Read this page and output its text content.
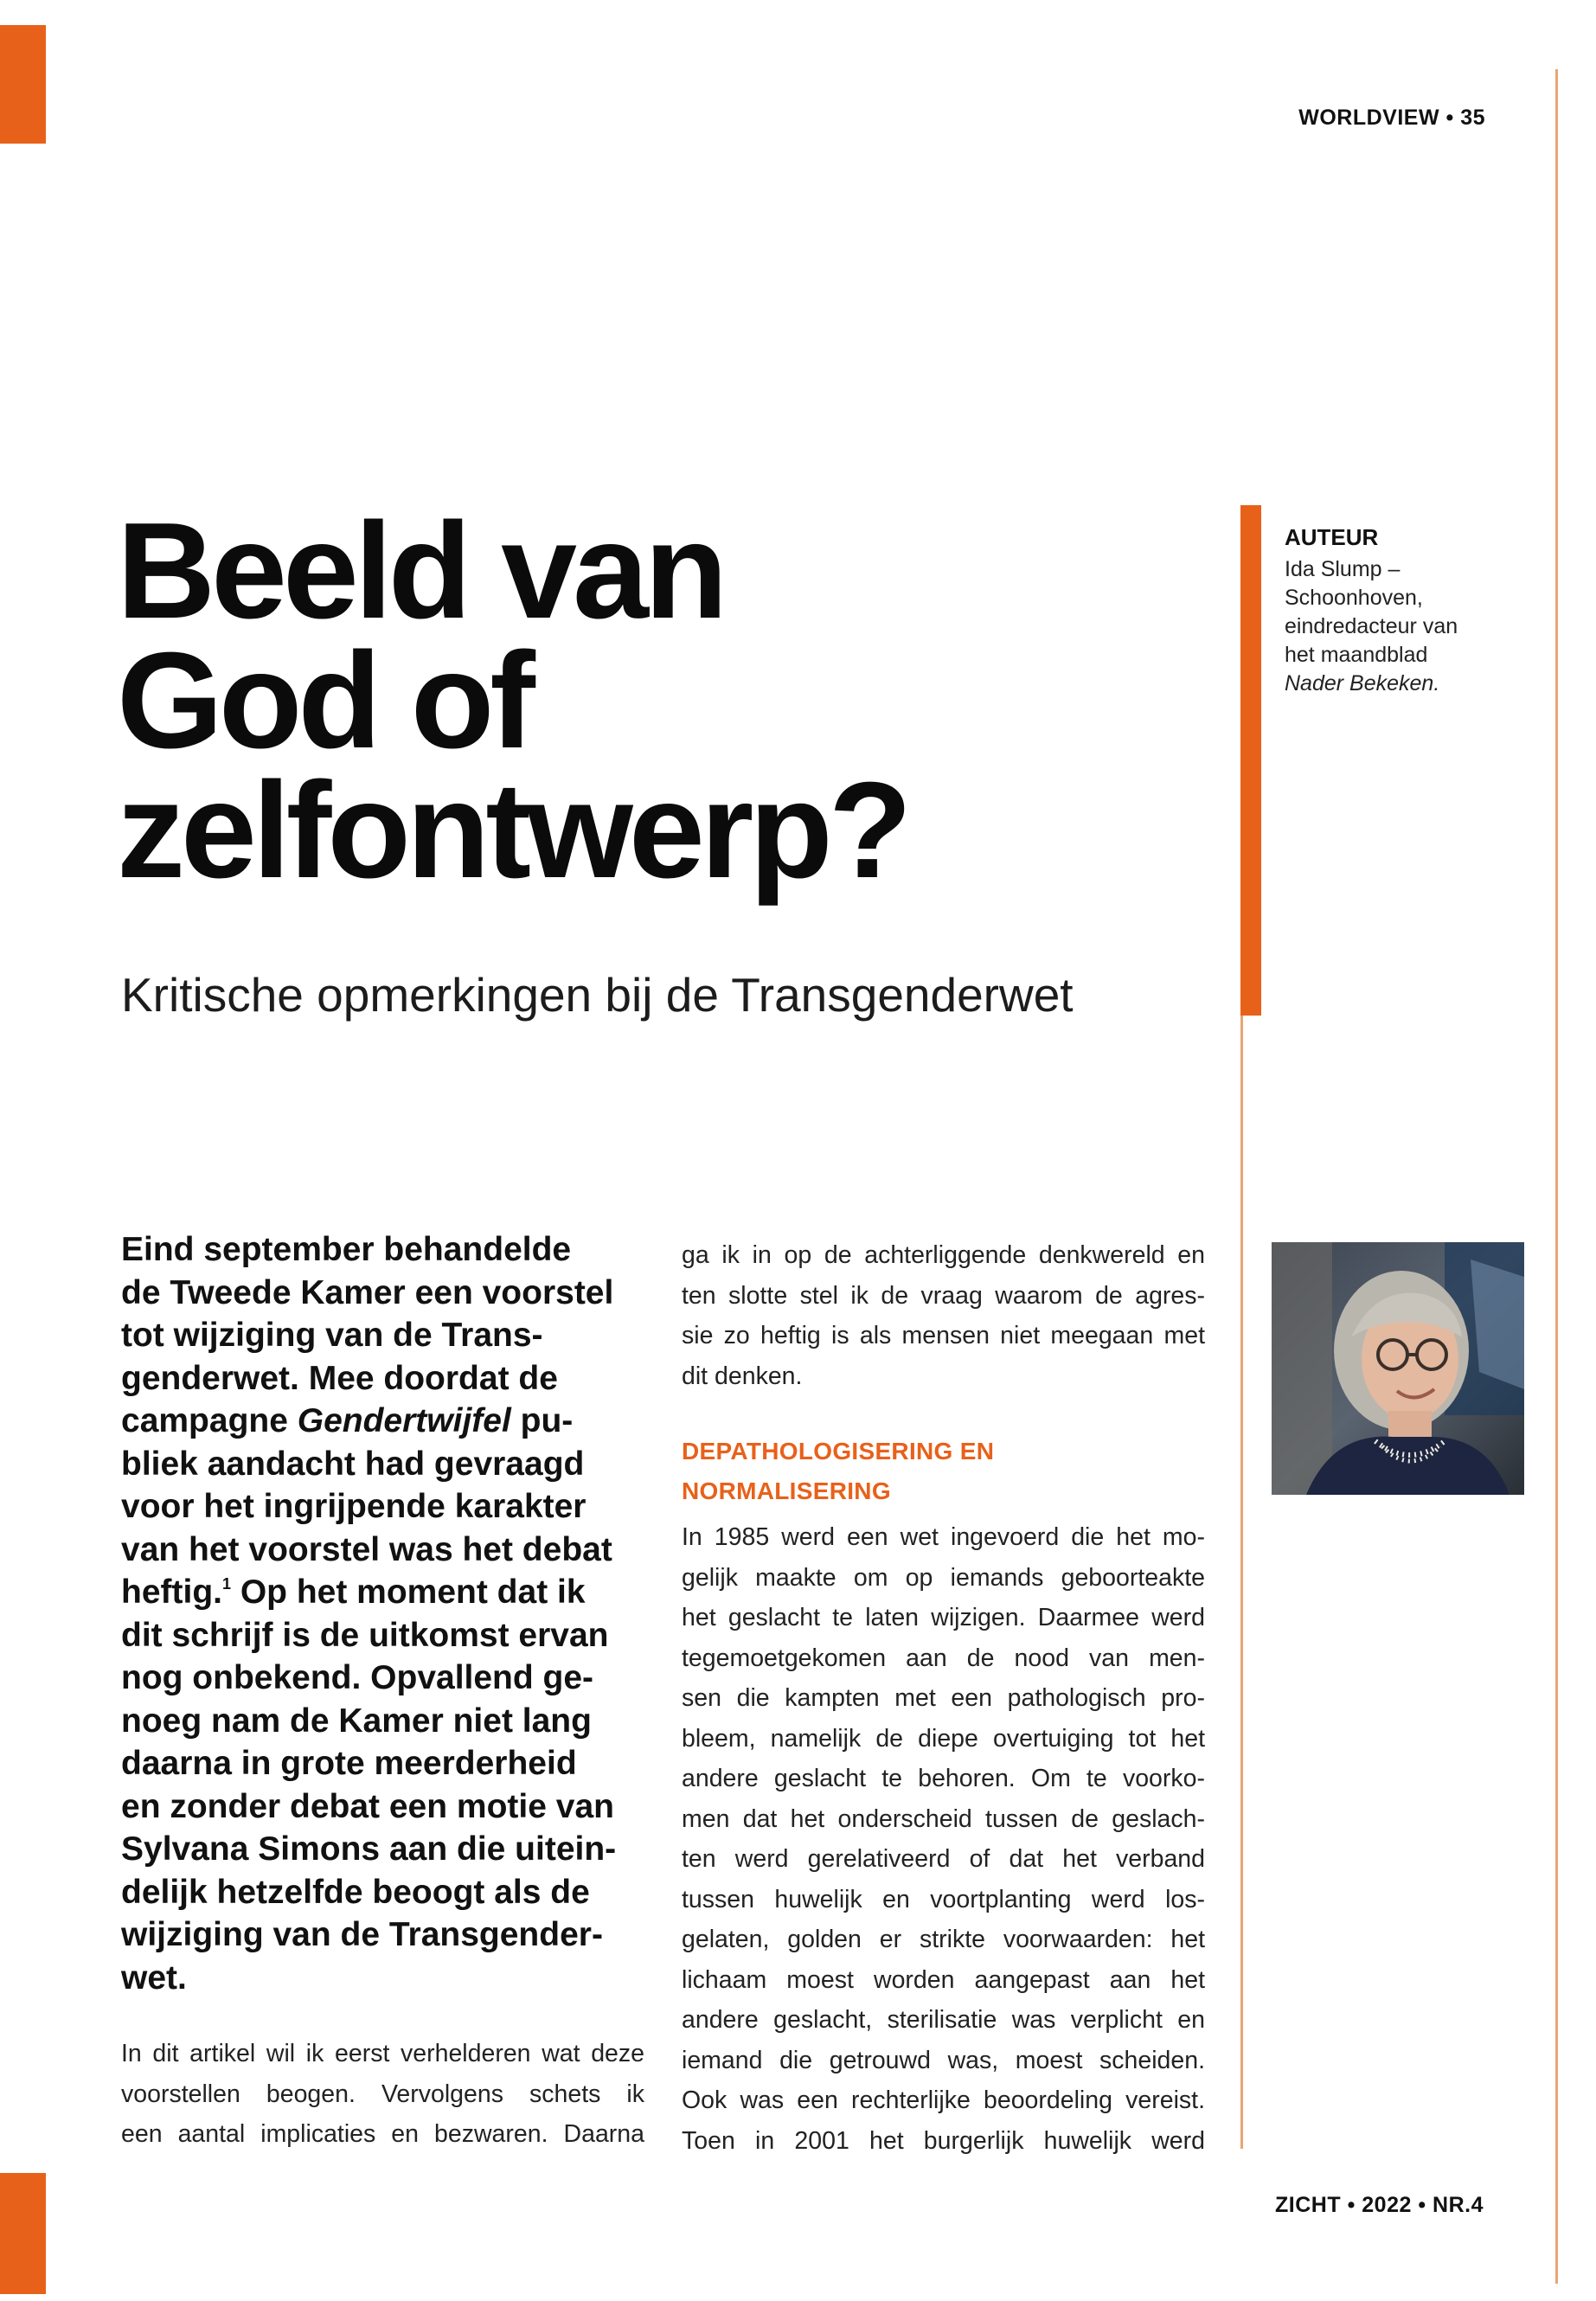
WORLDVIEW • 35
Beeld van
God of
zelfontwerp?
Kritische opmerkingen bij de Transgenderwet
AUTEUR
Ida Slump –
Schoonhoven,
eindredacteur van
het maandblad
Nader Bekeken.
Eind september behandelde
de Tweede Kamer een voorstel
tot wijziging van de Trans-
genderwet. Mee doordat de
campagne Gendertwijfel pu-
bliek aandacht had gevraagd
voor het ingrijpende karakter
van het voorstel was het debat
heftig.$^1$ Op het moment dat ik
dit schrijf is de uitkomst ervan
nog onbekend. Opvallend ge-
noeg nam de Kamer niet lang
daarna in grote meerderheid
en zonder debat een motie van
Sylvana Simons aan die uitein-
delijk hetzelfde beoogt als de
wijziging van de Transgender-
wet.
In dit artikel wil ik eerst verhelderen wat deze
voorstellen beogen. Vervolgens schets ik
een aantal implicaties en bezwaren. Daarna
ga ik in op de achterliggende denkwereld en
ten slotte stel ik de vraag waarom de agres-
sie zo heftig is als mensen niet meegaan met
dit denken.
DEPATHOLOGISERING EN
NORMALISERING
In 1985 werd een wet ingevoerd die het mo-
gelijk maakte om op iemands geboorteakte
het geslacht te laten wijzigen. Daarmee werd
tegemoetgekomen aan de nood van men-
sen die kampten met een pathologisch pro-
bleem, namelijk de diepe overtuiging tot het
andere geslacht te behoren. Om te voorko-
men dat het onderscheid tussen de geslach-
ten werd gerelativeerd of dat het verband
tussen huwelijk en voortplanting werd los-
gelaten, golden er strikte voorwaarden: het
lichaam moest worden aangepast aan het
andere geslacht, sterilisatie was verplicht en
iemand die getrouwd was, moest scheiden.
Ook was een rechterlijke beoordeling vereist.
Toen in 2001 het burgerlijk huwelijk werd
ZICHT • 2022 • NR.4
